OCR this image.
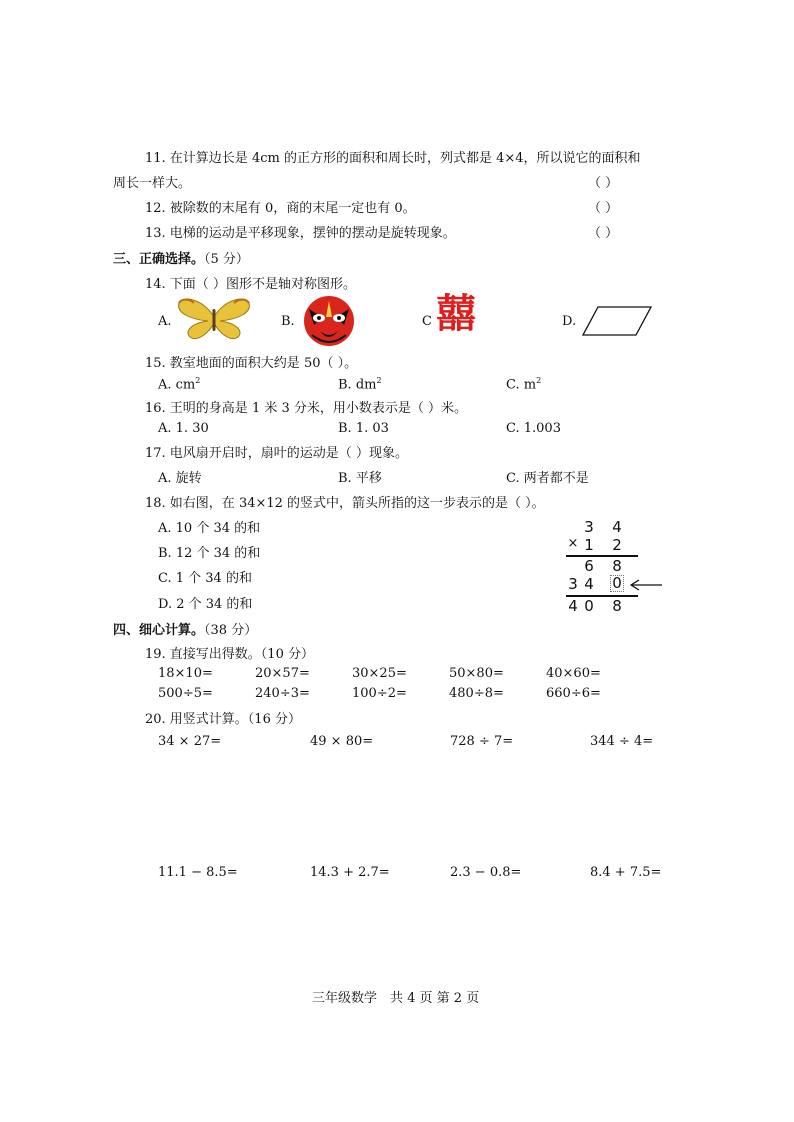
11. 在计算边长是 4cm 的正方形的面积和周长时，列式都是 4×4，所以说它的面积和
周长一样大。	（ ）
12. 被除数的末尾有 0，商的末尾一定也有 0。	（ ）
13. 电梯的运动是平移现象，摆钟的摆动是旋转现象。	（ ）
三、正确选择。（5 分）
14. 下面（ ）图形不是轴对称图形。
A.	B.	C 囍	D.
15. 教室地面的面积大约是 50（ ）。
A. $cm^2$	B. $dm^2$	C. $m^2$
16. 王明的身高是 1 米 3 分米，用小数表示是（ ）米。
A. 1. 30	B. 1. 03	C. 1.003
17. 电风扇开启时，扇叶的运动是（ ）现象。
A. 旋转	B. 平移	C. 两者都不是
18. 如右图，在 34×12 的竖式中，箭头所指的这一步表示的是（ ）。
A. 10 个 34 的和
B. 12 个 34 的和
C. 1 个 34 的和
D. 2 个 34 的和
3 4
× 1 2
6 8
3 4 0
4 0 8
四、细心计算。（38 分）
19. 直接写出得数。（10 分）
18×10=	20×57=	30×25=	50×80=	40×60=
500÷5=	240÷3=	100÷2=	480÷8=	660÷6=
20. 用竖式计算。（16 分）
34 × 27=	49 × 80=	728 ÷ 7=	344 ÷ 4=
11.1 − 8.5=	14.3 + 2.7=	2.3 − 0.8=	8.4 + 7.5=
三年级数学　共 4 页 第 2 页
